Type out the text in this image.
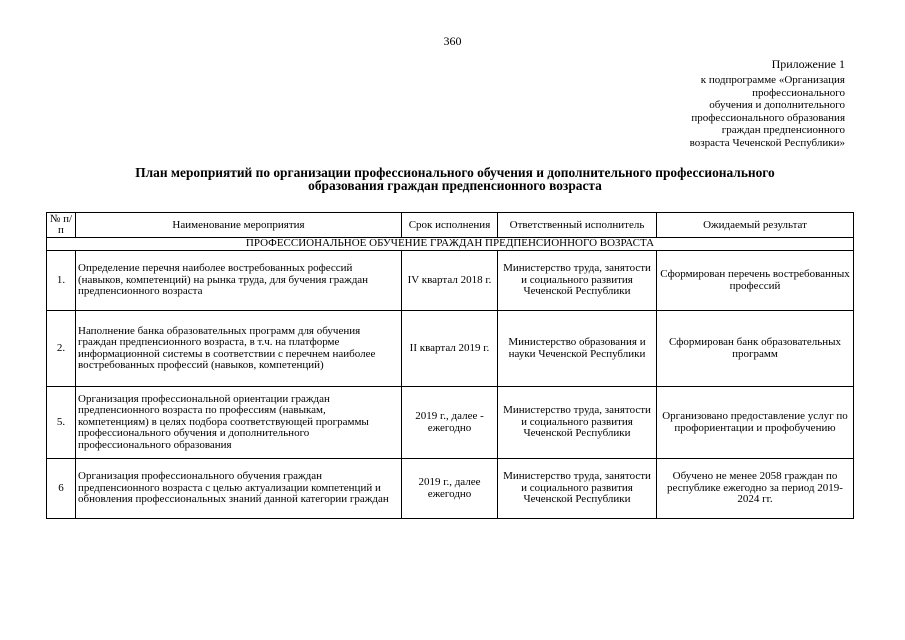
360
Приложение 1
к подпрограмме «Организация
профессионального
обучения и дополнительного
профессионального образования
граждан предпенсионного
возраста Чеченской Республики»
План мероприятий по организации профессионального обучения и дополнительного профессионального
образования граждан предпенсионного возраста
№ п/п	Наименование мероприятия	Срок исполнения	Ответственный исполнитель	Ожидаемый результат
ПРОФЕССИОНАЛЬНОЕ ОБУЧЕНИЕ ГРАЖДАН ПРЕДПЕНСИОННОГО ВОЗРАСТА				
1.	Определение перечня наиболее востребованных рофессий (навыков, компетенций) на рынка труда, для бучения граждан предпенсионного возраста	IV квартал 2018 г.	Министерство труда, занятости и социального развития Чеченской Республики	Сформирован перечень востребованных профессий
2.	Наполнение банка образовательных программ для обучения граждан предпенсионного возраста, в т.ч. на платформе информационной системы в соответствии с перечнем наиболее востребованных профессий (навыков, компетенций)	II квартал 2019 г.	Министерство образования и науки Чеченской Республики	Сформирован банк образовательных программ
5.	Организация профессиональной ориентации граждан предпенсионного возраста по профессиям (навыкам, компетенциям) в целях подбора соответствующей программы профессионального обучения и дополнительного профессионального образования	2019 г., далее - ежегодно	Министерство труда, занятости и социального развития Чеченской Республики	Организовано предоставление услуг по профориентации и профобучению
6	Организация профессионального обучения граждан предпенсионного возраста с целью актуализации компетенций и обновления профессиональных знаний данной категории граждан	2019 г., далее ежегодно	Министерство труда, занятости и социального развития Чеченской Республики	Обучено не менее 2058 граждан по республике ежегодно за период 2019-2024 гг.
